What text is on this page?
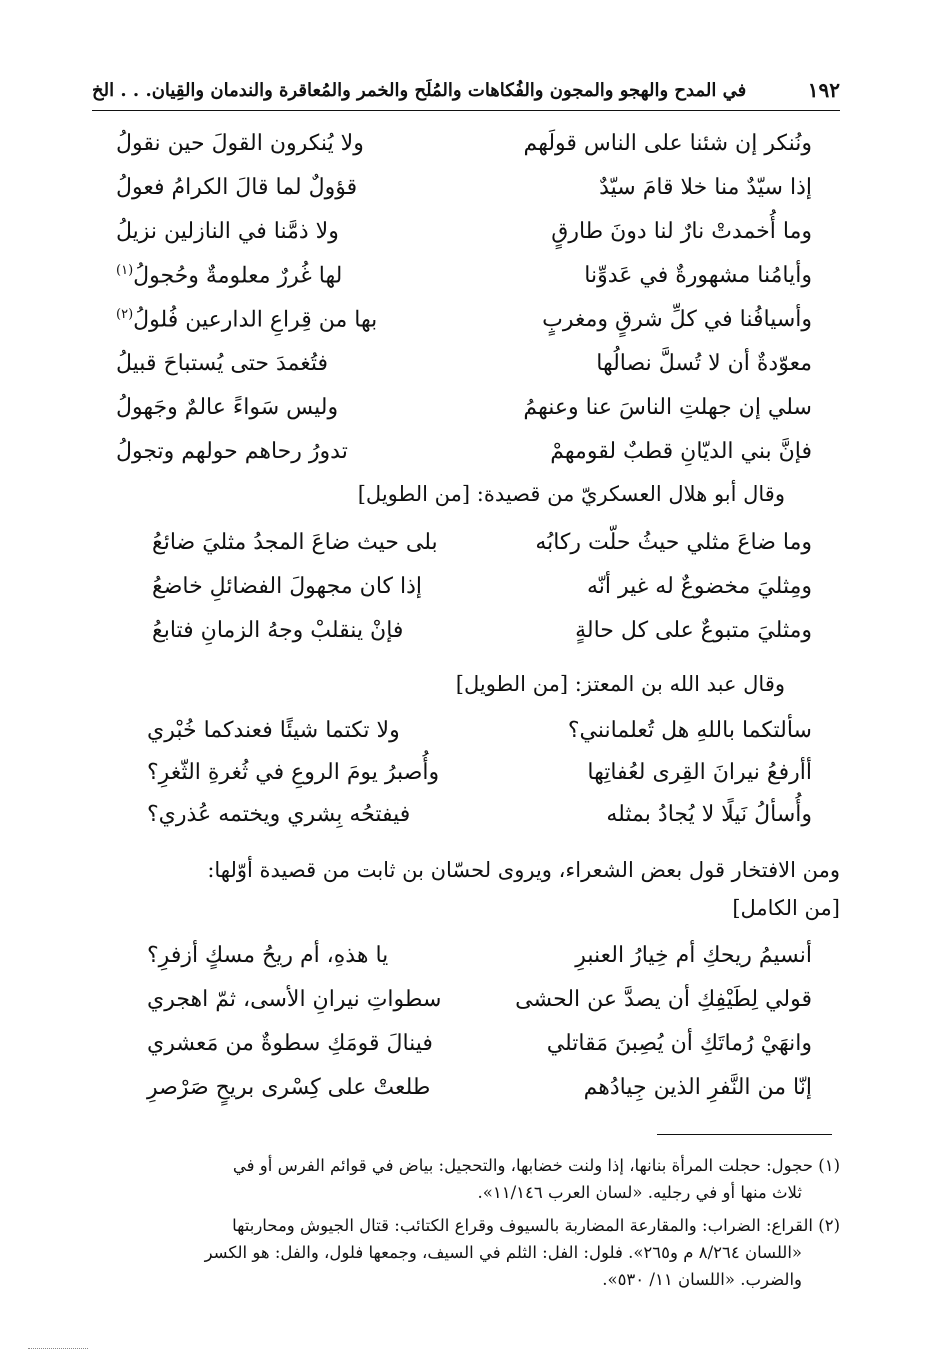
١٩٢
في المدح والهجو والمجون والفُكاهات والمُلَح والخمر والمُعاقرة والندمان والقِيان. . . الخ
ونُنكر إن شئنا على الناس قولَهم
ولا يُنكرون القولَ حين نقولُ
إذا سيّدٌ منا خلا قامَ سيّدٌ
قؤولٌ لما قالَ الكرامُ فعولُ
وما أُخمدتْ نارٌ لنا دونَ طارقٍ
ولا ذمَّنا في النازلين نزيلُ
وأيامُنا مشهورةٌ في عَدوِّنا
لها غُررٌ معلومةٌ وحُجولُ$^{(١)}$
وأسيافُنا في كلِّ شرقٍ ومغربٍ
بها من قِراعِ الدارعين فُلولُ$^{(٢)}$
معوّدةٌ أن لا تُسلَّ نصالُها
فتُغمدَ حتى يُستباحَ قبيلُ
سلي إن جهلتِ الناسَ عنا وعنهمُ
وليس سَواءً عالمٌ وجَهولُ
فإنَّ بني الديّانِ قطبٌ لقومهمْ
تدورُ رحاهم حولهم وتجولُ
وقال أبو هلال العسكريّ من قصيدة: [من الطويل]
وما ضاعَ مثلي حيثُ حلّت ركابُه
بلى حيث ضاعَ المجدُ مثليَ ضائعُ
ومِثليَ مخضوعٌ له غير أنّه
إذا كان مجهولَ الفضائلِ خاضعُ
ومثليَ متبوعٌ على كل حالةٍ
فإنْ ينقلبْ وجهُ الزمانِ فتابعُ
وقال عبد الله بن المعتز: [من الطويل]
سألتكما باللهِ هل تُعلمانني؟
ولا تكتما شيئًا فعندكما خُبْري
أأرفعُ نيرانَ القِرى لعُفاتِها
وأُصبرُ يومَ الروعِ في ثُغرةِ الثّغرِ؟
وأُسألُ نَيلًا لا يُجادُ بمثله
فيفتحُه بِشري ويختمه عُذري؟
ومن الافتخار قول بعض الشعراء، ويروى لحسّان بن ثابت من قصيدة أوّلها:
[من الكامل]
أنسيمُ ريحكِ أم خِيارُ العنبرِ
يا هذهِ، أم ريحُ مسكٍ أزفرِ؟
قولي لِطَيْفِكِ أن يصدَّ عن الحشى
سطواتِ نيرانِ الأسى، ثمّ اهجري
وانهَيْ رُماتَكِ أن يُصِبنَ مَقاتلي
فينالَ قومَكِ سطوةٌ من مَعشري
إنّا من النَّفرِ الذين جِيادُهم
طلعتْ على كِسْرى بريحٍ صَرْصرِ
(١) حجول: حجلت المرأة بنانها، إذا ولنت خضابها، والتحجيل: بياض في قوائم الفرس أو في
ثلاث منها أو في رجليه. «لسان العرب ١١/١٤٦».
(٢) القراع: الضراب: والمقارعة المضاربة بالسيوف وقراع الكتائب: قتال الجيوش ومحاربتها
«اللسان ٨/٢٦٤ م و٢٦٥». فلول: الفل: الثلم في السيف، وجمعها فلول، والفل: هو الكسر
والضرب. «اللسان ١١/ ٥٣٠».
